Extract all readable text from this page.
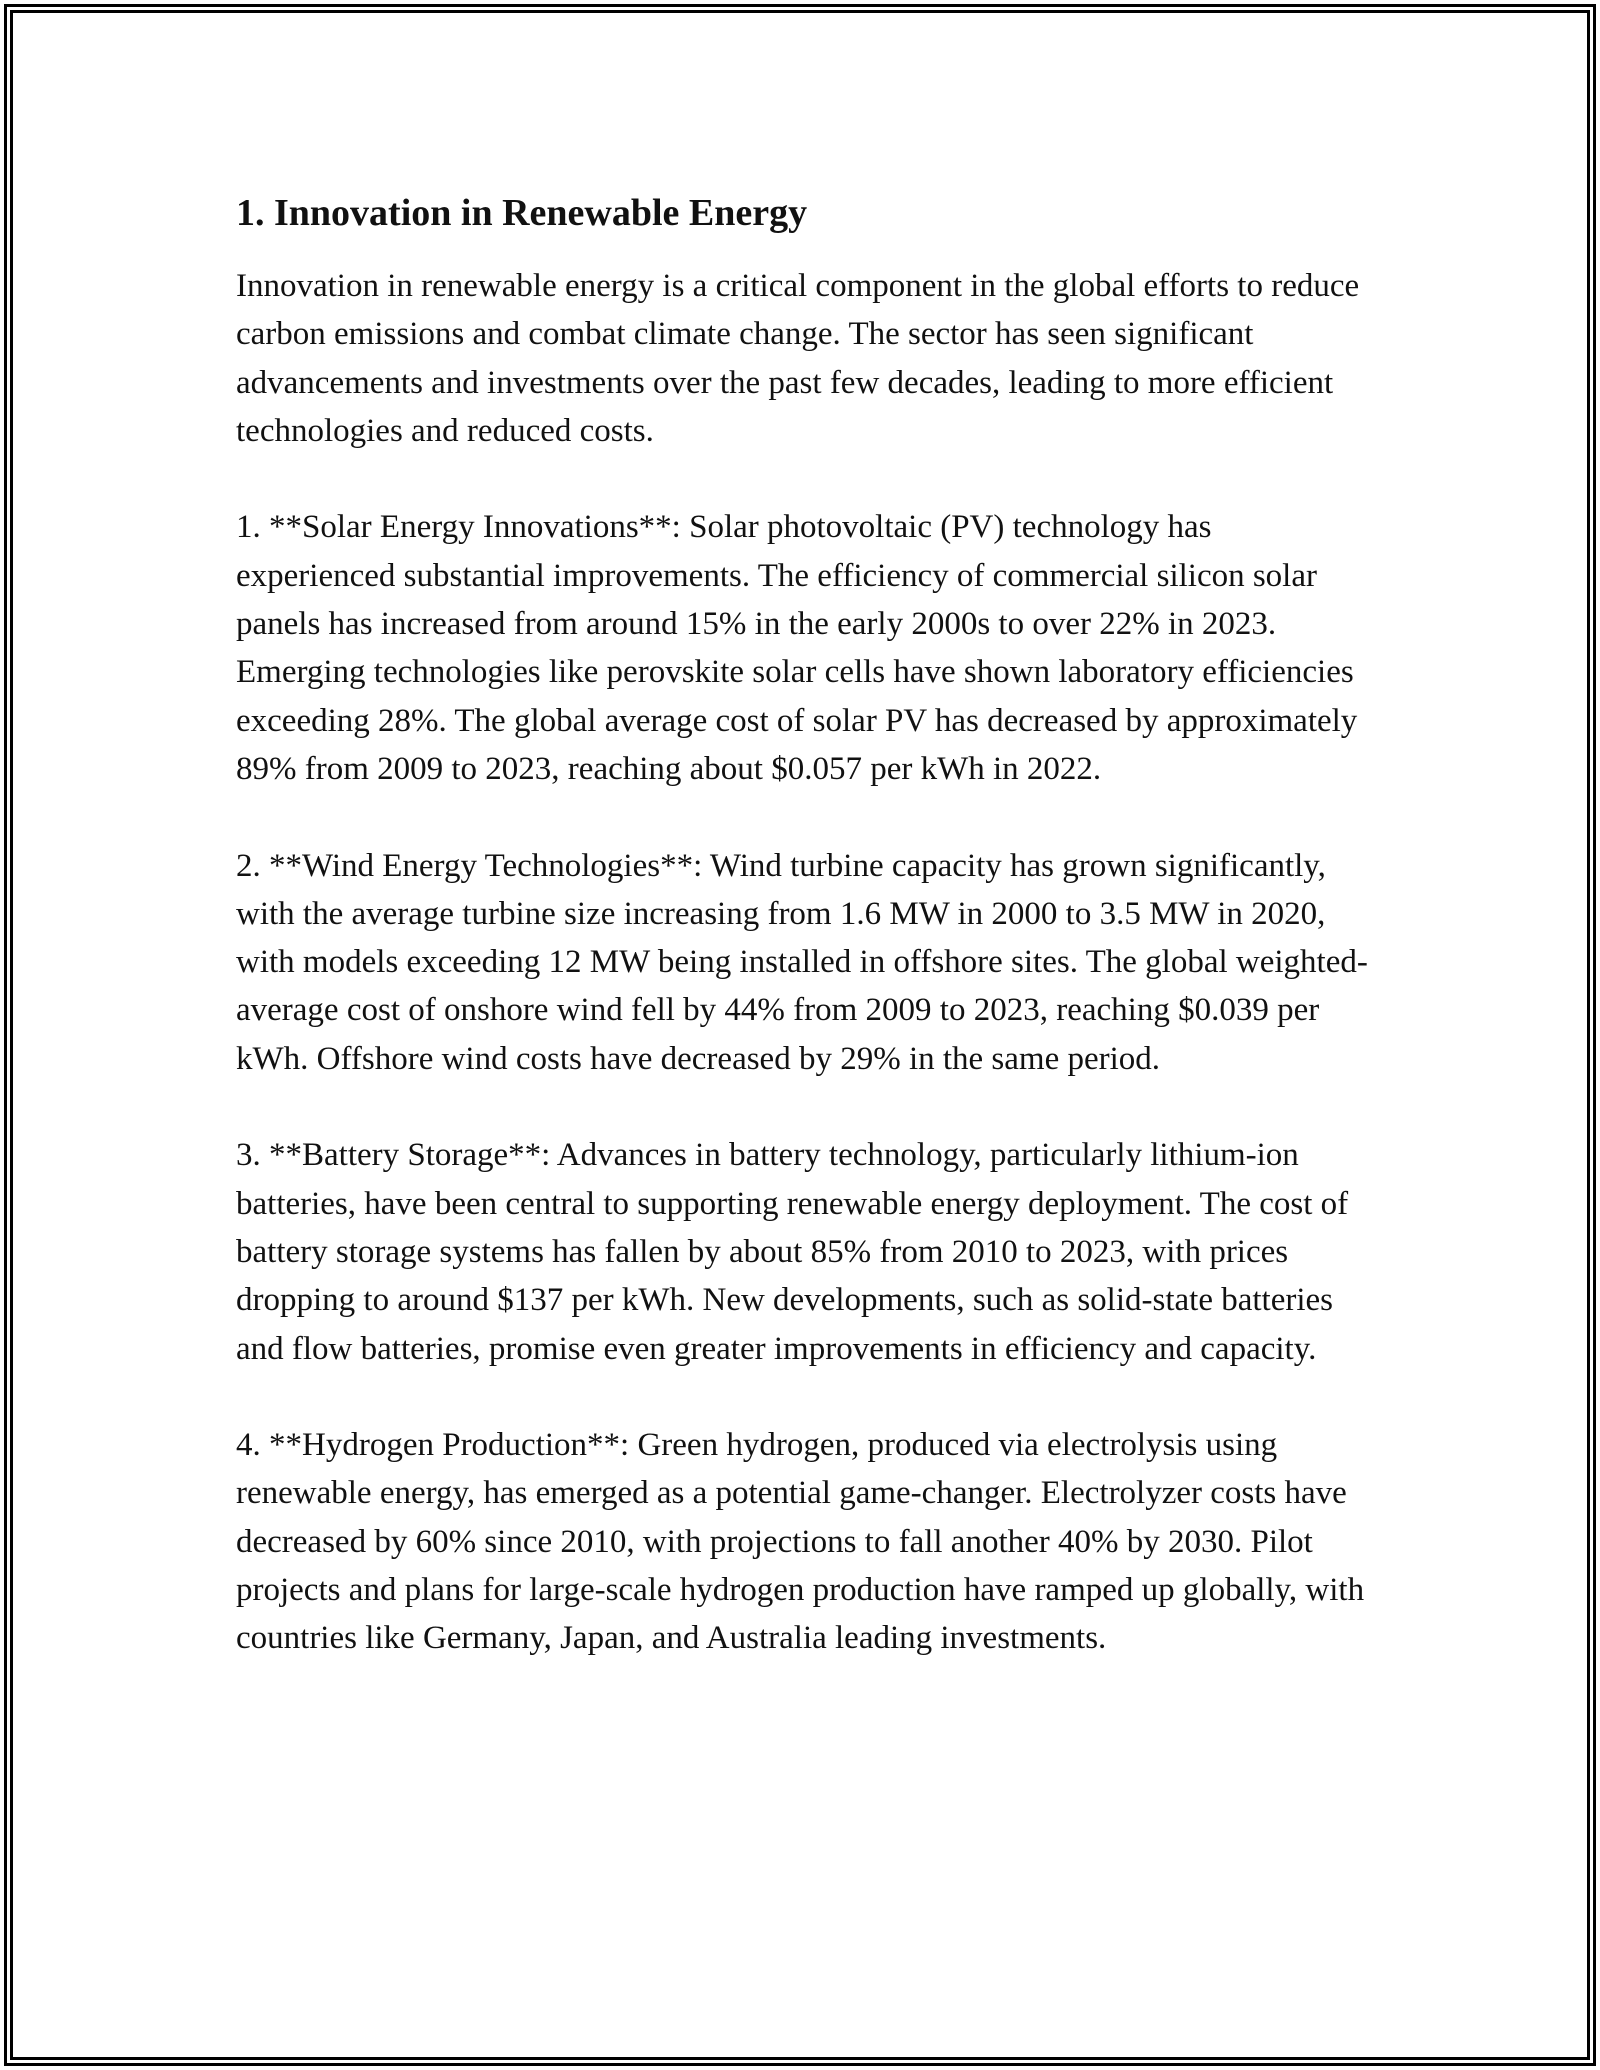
1. Innovation in Renewable Energy

Innovation in renewable energy is a critical component in the global efforts to reduce carbon emissions and combat climate change. The sector has seen significant advancements and investments over the past few decades, leading to more efficient technologies and reduced costs.

1. **Solar Energy Innovations**: Solar photovoltaic (PV) technology has experienced substantial improvements. The efficiency of commercial silicon solar panels has increased from around 15% in the early 2000s to over 22% in 2023. Emerging technologies like perovskite solar cells have shown laboratory efficiencies exceeding 28%. The global average cost of solar PV has decreased by approximately 89% from 2009 to 2023, reaching about $0.057 per kWh in 2022.

2. **Wind Energy Technologies**: Wind turbine capacity has grown significantly, with the average turbine size increasing from 1.6 MW in 2000 to 3.5 MW in 2020, with models exceeding 12 MW being installed in offshore sites. The global weighted-average cost of onshore wind fell by 44% from 2009 to 2023, reaching $0.039 per kWh. Offshore wind costs have decreased by 29% in the same period.

3. **Battery Storage**: Advances in battery technology, particularly lithium-ion batteries, have been central to supporting renewable energy deployment. The cost of battery storage systems has fallen by about 85% from 2010 to 2023, with prices dropping to around $137 per kWh. New developments, such as solid-state batteries and flow batteries, promise even greater improvements in efficiency and capacity.

4. **Hydrogen Production**: Green hydrogen, produced via electrolysis using renewable energy, has emerged as a potential game-changer. Electrolyzer costs have decreased by 60% since 2010, with projections to fall another 40% by 2030. Pilot projects and plans for large-scale hydrogen production have ramped up globally, with countries like Germany, Japan, and Australia leading investments.
